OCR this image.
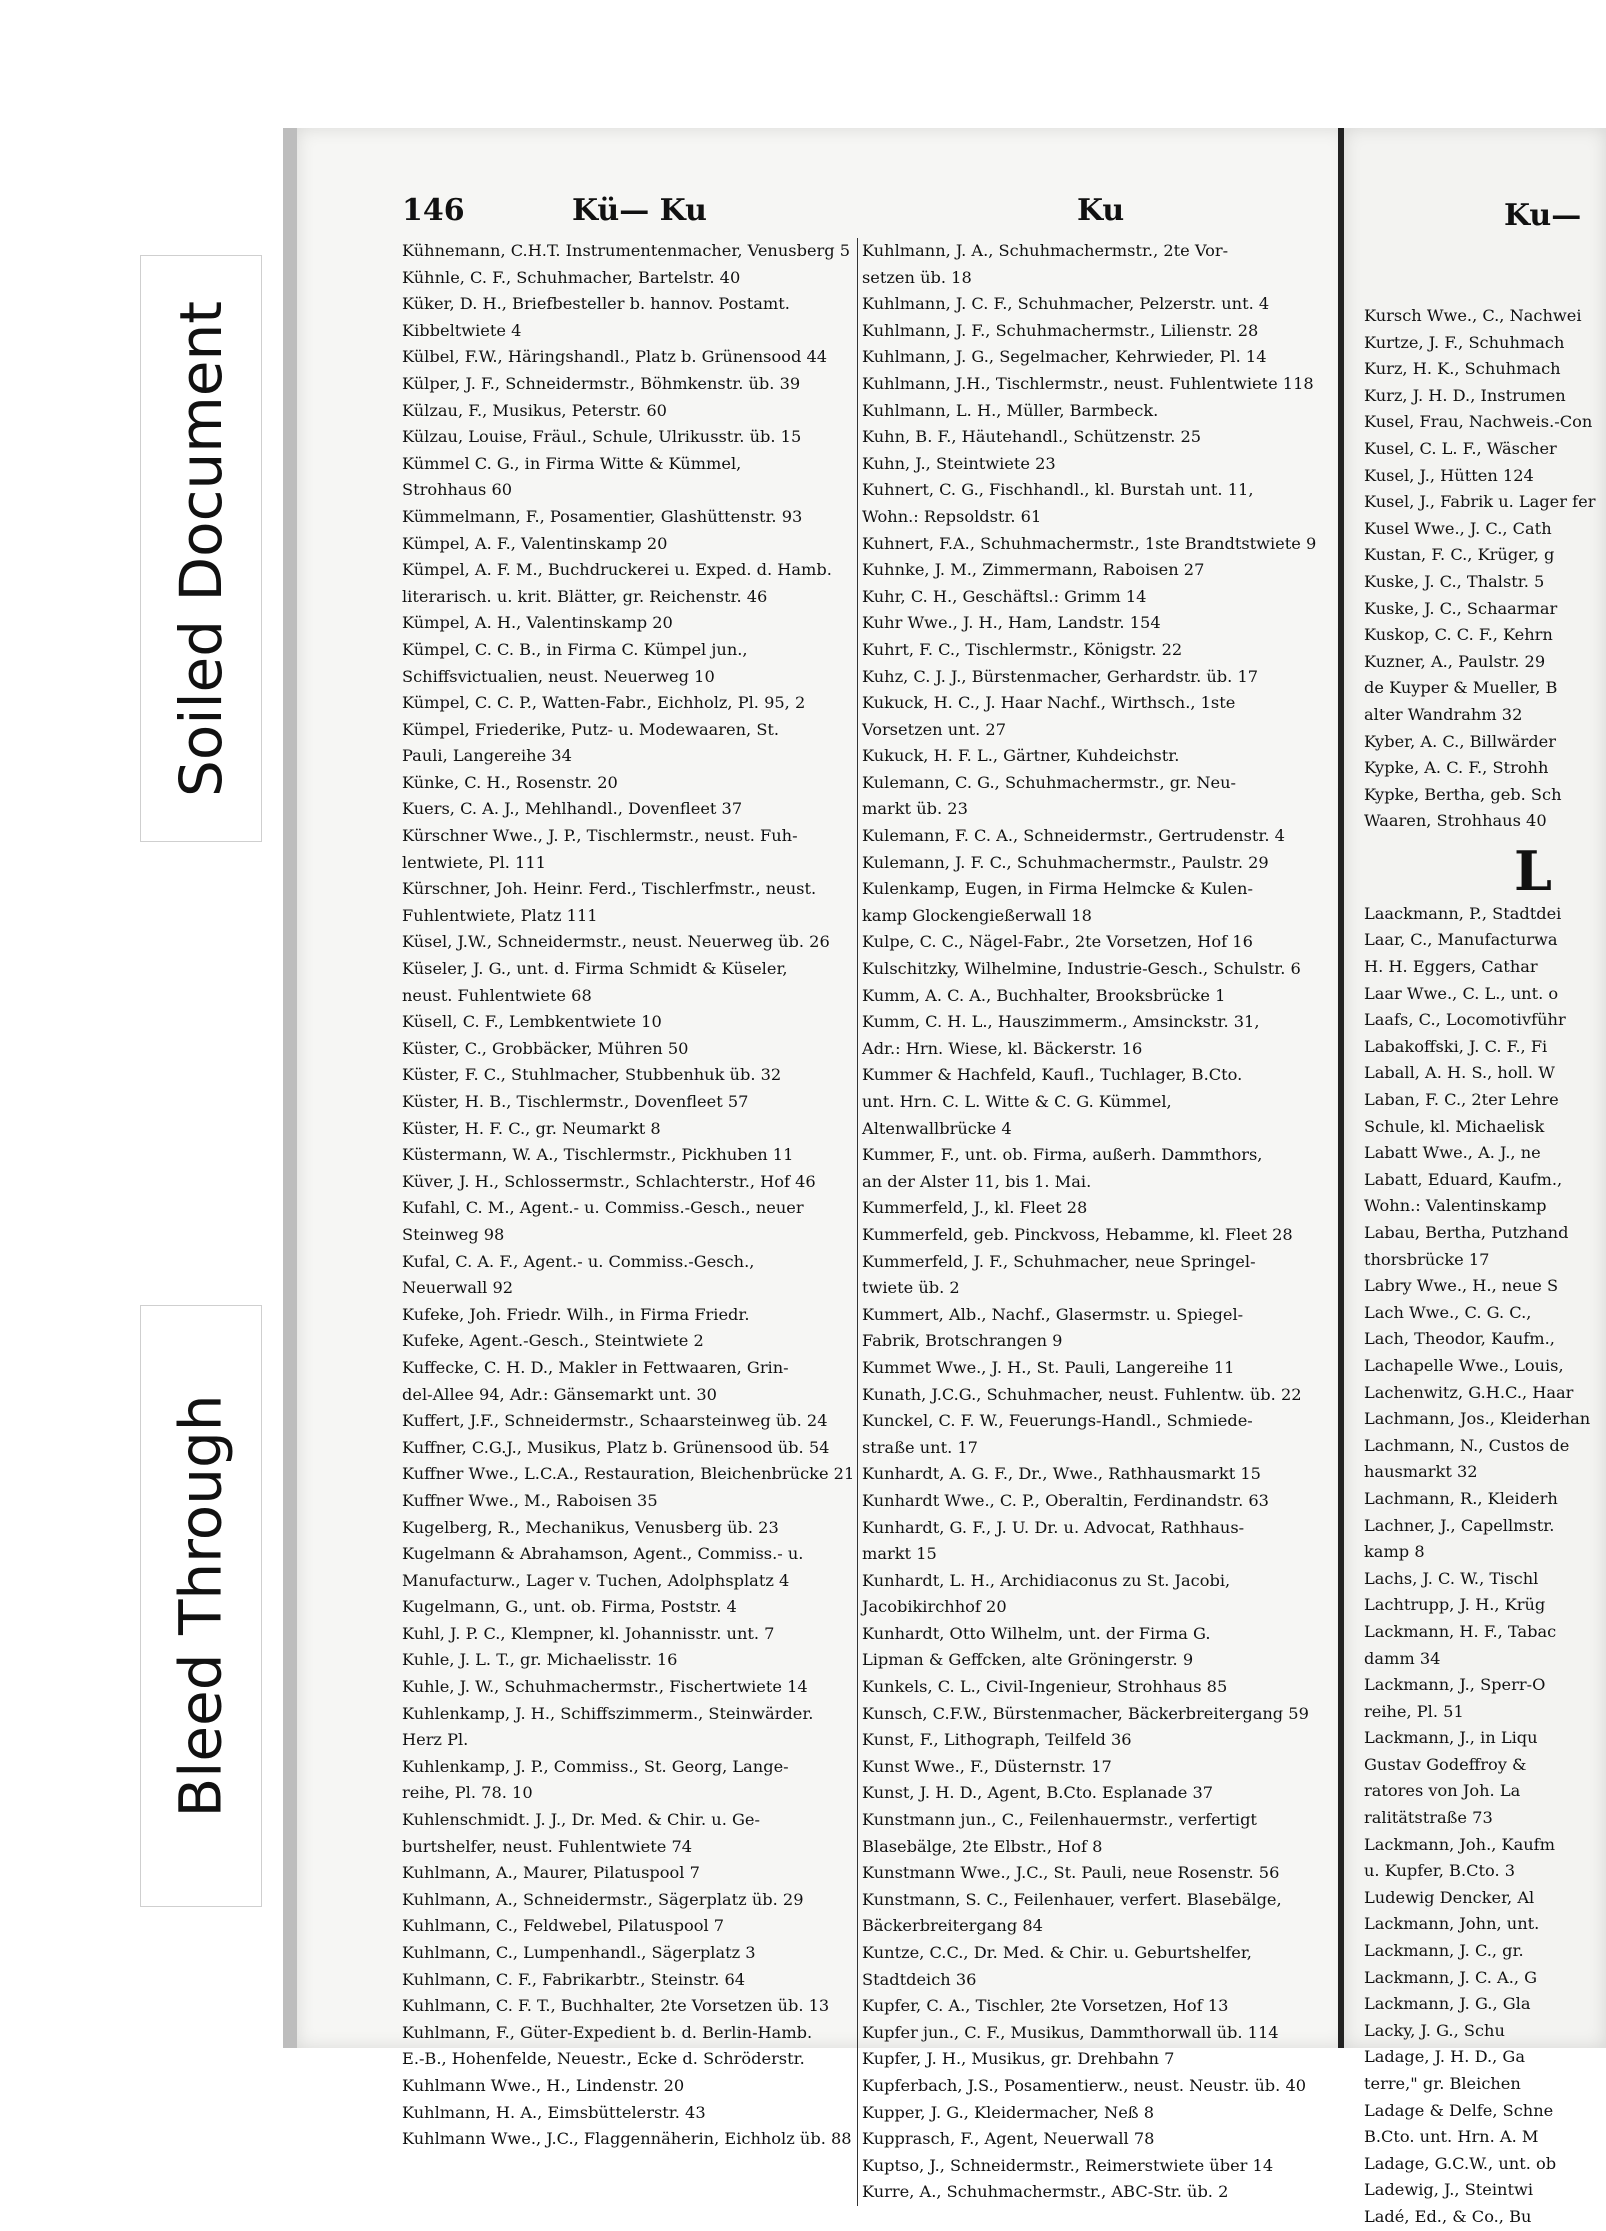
Soiled Document
Bleed Through
146	Kü— Ku	Ku
Kühnemann, C.H.T. Instrumentenmacher, Venusberg 5
Kühnle, C. F., Schuhmacher, Bartelstr. 40
Küker, D. H., Briefbesteller b. hannov. Postamt.
Kibbeltwiete 4
Külbel, F.W., Häringshandl., Platz b. Grünensood 44
Külper, J. F., Schneidermstr., Böhmkenstr. üb. 39
Külzau, F., Musikus, Peterstr. 60
Külzau, Louise, Fräul., Schule, Ulrikusstr. üb. 15
Kümmel C. G., in Firma Witte & Kümmel,
Strohhaus 60
Kümmelmann, F., Posamentier, Glashüttenstr. 93
Kümpel, A. F., Valentinskamp 20
Kümpel, A. F. M., Buchdruckerei u. Exped. d. Hamb.
literarisch. u. krit. Blätter, gr. Reichenstr. 46
Kümpel, A. H., Valentinskamp 20
Kümpel, C. C. B., in Firma C. Kümpel jun.,
Schiffsvictualien, neust. Neuerweg 10
Kümpel, C. C. P., Watten-Fabr., Eichholz, Pl. 95, 2
Kümpel, Friederike, Putz- u. Modewaaren, St.
Pauli, Langereihe 34
Künke, C. H., Rosenstr. 20
Kuers, C. A. J., Mehlhandl., Dovenfleet 37
Kürschner Wwe., J. P., Tischlermstr., neust. Fuh-
lentwiete, Pl. 111
Kürschner, Joh. Heinr. Ferd., Tischlerfmstr., neust.
Fuhlentwiete, Platz 111
Küsel, J.W., Schneidermstr., neust. Neuerweg üb. 26
Küseler, J. G., unt. d. Firma Schmidt & Küseler,
neust. Fuhlentwiete 68
Küsell, C. F., Lembkentwiete 10
Küster, C., Grobbäcker, Mühren 50
Küster, F. C., Stuhlmacher, Stubbenhuk üb. 32
Küster, H. B., Tischlermstr., Dovenfleet 57
Küster, H. F. C., gr. Neumarkt 8
Küstermann, W. A., Tischlermstr., Pickhuben 11
Küver, J. H., Schlossermstr., Schlachterstr., Hof 46
Kufahl, C. M., Agent.- u. Commiss.-Gesch., neuer
Steinweg 98
Kufal, C. A. F., Agent.- u. Commiss.-Gesch.,
Neuerwall 92
Kufeke, Joh. Friedr. Wilh., in Firma Friedr.
Kufeke, Agent.-Gesch., Steintwiete 2
Kuffecke, C. H. D., Makler in Fettwaaren, Grin-
del-Allee 94, Adr.: Gänsemarkt unt. 30
Kuffert, J.F., Schneidermstr., Schaarsteinweg üb. 24
Kuffner, C.G.J., Musikus, Platz b. Grünensood üb. 54
Kuffner Wwe., L.C.A., Restauration, Bleichenbrücke 21
Kuffner Wwe., M., Raboisen 35
Kugelberg, R., Mechanikus, Venusberg üb. 23
Kugelmann & Abrahamson, Agent., Commiss.- u.
Manufacturw., Lager v. Tuchen, Adolphsplatz 4
Kugelmann, G., unt. ob. Firma, Poststr. 4
Kuhl, J. P. C., Klempner, kl. Johannisstr. unt. 7
Kuhle, J. L. T., gr. Michaelisstr. 16
Kuhle, J. W., Schuhmachermstr., Fischertwiete 14
Kuhlenkamp, J. H., Schiffszimmerm., Steinwärder.
Herz Pl.
Kuhlenkamp, J. P., Commiss., St. Georg, Lange-
reihe, Pl. 78. 10
Kuhlenschmidt. J. J., Dr. Med. & Chir. u. Ge-
burtshelfer, neust. Fuhlentwiete 74
Kuhlmann, A., Maurer, Pilatuspool 7
Kuhlmann, A., Schneidermstr., Sägerplatz üb. 29
Kuhlmann, C., Feldwebel, Pilatuspool 7
Kuhlmann, C., Lumpenhandl., Sägerplatz 3
Kuhlmann, C. F., Fabrikarbtr., Steinstr. 64
Kuhlmann, C. F. T., Buchhalter, 2te Vorsetzen üb. 13
Kuhlmann, F., Güter-Expedient b. d. Berlin-Hamb.
E.-B., Hohenfelde, Neuestr., Ecke d. Schröderstr.
Kuhlmann Wwe., H., Lindenstr. 20
Kuhlmann, H. A., Eimsbüttelerstr. 43
Kuhlmann Wwe., J.C., Flaggennäherin, Eichholz üb. 88
Kuhlmann, J. A., Schuhmachermstr., 2te Vor-
setzen üb. 18
Kuhlmann, J. C. F., Schuhmacher, Pelzerstr. unt. 4
Kuhlmann, J. F., Schuhmachermstr., Lilienstr. 28
Kuhlmann, J. G., Segelmacher, Kehrwieder, Pl. 14
Kuhlmann, J.H., Tischlermstr., neust. Fuhlentwiete 118
Kuhlmann, L. H., Müller, Barmbeck.
Kuhn, B. F., Häutehandl., Schützenstr. 25
Kuhn, J., Steintwiete 23
Kuhnert, C. G., Fischhandl., kl. Burstah unt. 11,
Wohn.: Repsoldstr. 61
Kuhnert, F.A., Schuhmachermstr., 1ste Brandtstwiete 9
Kuhnke, J. M., Zimmermann, Raboisen 27
Kuhr, C. H., Geschäftsl.: Grimm 14
Kuhr Wwe., J. H., Ham, Landstr. 154
Kuhrt, F. C., Tischlermstr., Königstr. 22
Kuhz, C. J. J., Bürstenmacher, Gerhardstr. üb. 17
Kukuck, H. C., J. Haar Nachf., Wirthsch., 1ste
Vorsetzen unt. 27
Kukuck, H. F. L., Gärtner, Kuhdeichstr.
Kulemann, C. G., Schuhmachermstr., gr. Neu-
markt üb. 23
Kulemann, F. C. A., Schneidermstr., Gertrudenstr. 4
Kulemann, J. F. C., Schuhmachermstr., Paulstr. 29
Kulenkamp, Eugen, in Firma Helmcke & Kulen-
kamp Glockengießerwall 18
Kulpe, C. C., Nägel-Fabr., 2te Vorsetzen, Hof 16
Kulschitzky, Wilhelmine, Industrie-Gesch., Schulstr. 6
Kumm, A. C. A., Buchhalter, Brooksbrücke 1
Kumm, C. H. L., Hauszimmerm., Amsinckstr. 31,
Adr.: Hrn. Wiese, kl. Bäckerstr. 16
Kummer & Hachfeld, Kaufl., Tuchlager, B.Cto.
unt. Hrn. C. L. Witte & C. G. Kümmel,
Altenwallbrücke 4
Kummer, F., unt. ob. Firma, außerh. Dammthors,
an der Alster 11, bis 1. Mai.
Kummerfeld, J., kl. Fleet 28
Kummerfeld, geb. Pinckvoss, Hebamme, kl. Fleet 28
Kummerfeld, J. F., Schuhmacher, neue Springel-
twiete üb. 2
Kummert, Alb., Nachf., Glasermstr. u. Spiegel-
Fabrik, Brotschrangen 9
Kummet Wwe., J. H., St. Pauli, Langereihe 11
Kunath, J.C.G., Schuhmacher, neust. Fuhlentw. üb. 22
Kunckel, C. F. W., Feuerungs-Handl., Schmiede-
straße unt. 17
Kunhardt, A. G. F., Dr., Wwe., Rathhausmarkt 15
Kunhardt Wwe., C. P., Oberaltin, Ferdinandstr. 63
Kunhardt, G. F., J. U. Dr. u. Advocat, Rathhaus-
markt 15
Kunhardt, L. H., Archidiaconus zu St. Jacobi,
Jacobikirchhof 20
Kunhardt, Otto Wilhelm, unt. der Firma G.
Lipman & Geffcken, alte Gröningerstr. 9
Kunkels, C. L., Civil-Ingenieur, Strohhaus 85
Kunsch, C.F.W., Bürstenmacher, Bäckerbreitergang 59
Kunst, F., Lithograph, Teilfeld 36
Kunst Wwe., F., Düsternstr. 17
Kunst, J. H. D., Agent, B.Cto. Esplanade 37
Kunstmann jun., C., Feilenhauermstr., verfertigt
Blasebälge, 2te Elbstr., Hof 8
Kunstmann Wwe., J.C., St. Pauli, neue Rosenstr. 56
Kunstmann, S. C., Feilenhauer, verfert. Blasebälge,
Bäckerbreitergang 84
Kuntze, C.C., Dr. Med. & Chir. u. Geburtshelfer,
Stadtdeich 36
Kupfer, C. A., Tischler, 2te Vorsetzen, Hof 13
Kupfer jun., C. F., Musikus, Dammthorwall üb. 114
Kupfer, J. H., Musikus, gr. Drehbahn 7
Kupferbach, J.S., Posamentierw., neust. Neustr. üb. 40
Kupper, J. G., Kleidermacher, Neß 8
Kupprasch, F., Agent, Neuerwall 78
Kuptso, J., Schneidermstr., Reimerstwiete über 14
Kurre, A., Schuhmachermstr., ABC-Str. üb. 2
Ku—
Kursch Wwe., C., Nachwei
Kurtze, J. F., Schuhmach
Kurz, H. K., Schuhmach
Kurz, J. H. D., Instrumen
Kusel, Frau, Nachweis.-Con
Kusel, C. L. F., Wäscher
Kusel, J., Hütten 124
Kusel, J., Fabrik u. Lager fer
Kusel Wwe., J. C., Cath
Kustan, F. C., Krüger, g
Kuske, J. C., Thalstr. 5
Kuske, J. C., Schaarmar
Kuskop, C. C. F., Kehrn
Kuzner, A., Paulstr. 29
de Kuyper & Mueller, B
alter Wandrahm 32
Kyber, A. C., Billwärder
Kypke, A. C. F., Strohh
Kypke, Bertha, geb. Sch
Waaren, Strohhaus 40
L
Laackmann, P., Stadtdei
Laar, C., Manufacturwa
H. H. Eggers, Cathar
Laar Wwe., C. L., unt. o
Laafs, C., Locomotivführ
Labakoffski, J. C. F., Fi
Laball, A. H. S., holl. W
Laban, F. C., 2ter Lehre
Schule, kl. Michaelisk
Labatt Wwe., A. J., ne
Labatt, Eduard, Kaufm.,
Wohn.: Valentinskamp
Labau, Bertha, Putzhand
thorsbrücke 17
Labry Wwe., H., neue S
Lach Wwe., C. G. C.,
Lach, Theodor, Kaufm.,
Lachapelle Wwe., Louis,
Lachenwitz, G.H.C., Haar
Lachmann, Jos., Kleiderhan
Lachmann, N., Custos de
hausmarkt 32
Lachmann, R., Kleiderh
Lachner, J., Capellmstr.
kamp 8
Lachs, J. C. W., Tischl
Lachtrupp, J. H., Krüg
Lackmann, H. F., Tabac
damm 34
Lackmann, J., Sperr-O
reihe, Pl. 51
Lackmann, J., in Liqu
Gustav Godeffroy &
ratores von Joh. La
ralitätstraße 73
Lackmann, Joh., Kaufm
u. Kupfer, B.Cto. 3
Ludewig Dencker, Al
Lackmann, John, unt.
Lackmann, J. C., gr.
Lackmann, J. C. A., G
Lackmann, J. G., Gla
Lacky, J. G., Schu
Ladage, J. H. D., Ga
terre," gr. Bleichen
Ladage & Delfe, Schne
B.Cto. unt. Hrn. A. M
Ladage, G.C.W., unt. ob
Ladewig, J., Steintwi
Ladé, Ed., & Co., Bu
